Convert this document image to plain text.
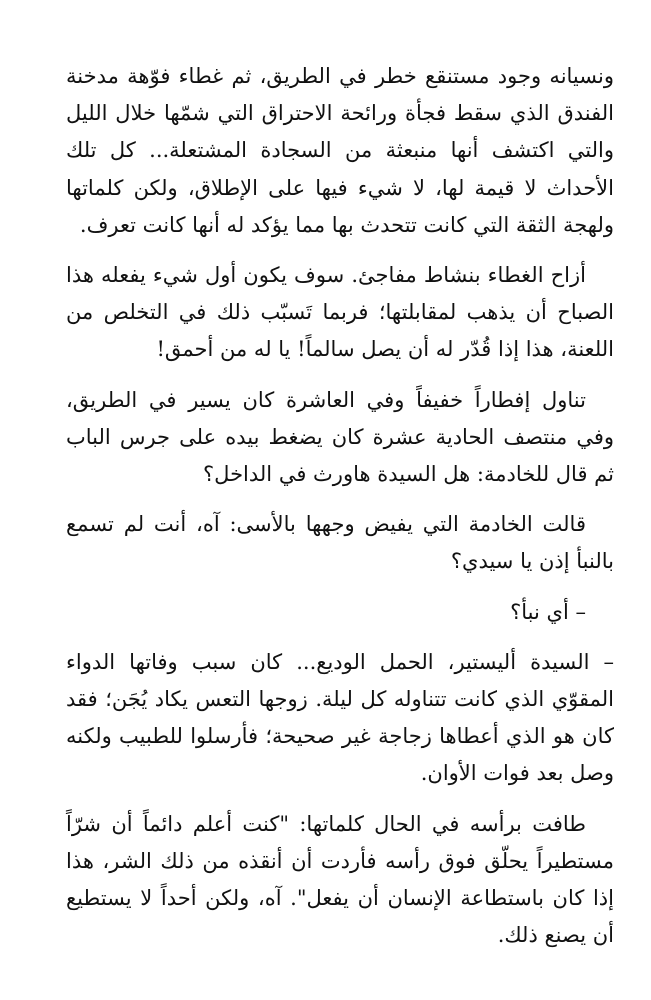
ونسيانه وجود مستنقع خطر في الطريق، ثم غطاء فوّهة مدخنة الفندق الذي سقط فجأة ورائحة الاحتراق التي شمّها خلال الليل والتي اكتشف أنها منبعثة من السجادة المشتعلة... كل تلك الأحداث لا قيمة لها، لا شيء فيها على الإطلاق، ولكن كلماتها ولهجة الثقة التي كانت تتحدث بها مما يؤكد له أنها كانت تعرف.

أزاح الغطاء بنشاط مفاجئ. سوف يكون أول شيء يفعله هذا الصباح أن يذهب لمقابلتها؛ فربما تَسبّب ذلك في التخلص من اللعنة، هذا إذا قُدّر له أن يصل سالماً! يا له من أحمق!

تناول إفطاراً خفيفاً وفي العاشرة كان يسير في الطريق، وفي منتصف الحادية عشرة كان يضغط بيده على جرس الباب ثم قال للخادمة: هل السيدة هاورث في الداخل؟

قالت الخادمة التي يفيض وجهها بالأسى: آه، أنت لم تسمع بالنبأ إذن يا سيدي؟

– أي نبأ؟

– السيدة أليستير، الحمل الوديع... كان سبب وفاتها الدواء المقوّي الذي كانت تتناوله كل ليلة. زوجها التعس يكاد يُجَن؛ فقد كان هو الذي أعطاها زجاجة غير صحيحة؛ فأرسلوا للطبيب ولكنه وصل بعد فوات الأوان.

طافت برأسه في الحال كلماتها: "كنت أعلم دائماً أن شرّاً مستطيراً يحلّق فوق رأسه فأردت أن أنقذه من ذلك الشر، هذا إذا كان باستطاعة الإنسان أن يفعل". آه، ولكن أحداً لا يستطيع أن يصنع ذلك.
